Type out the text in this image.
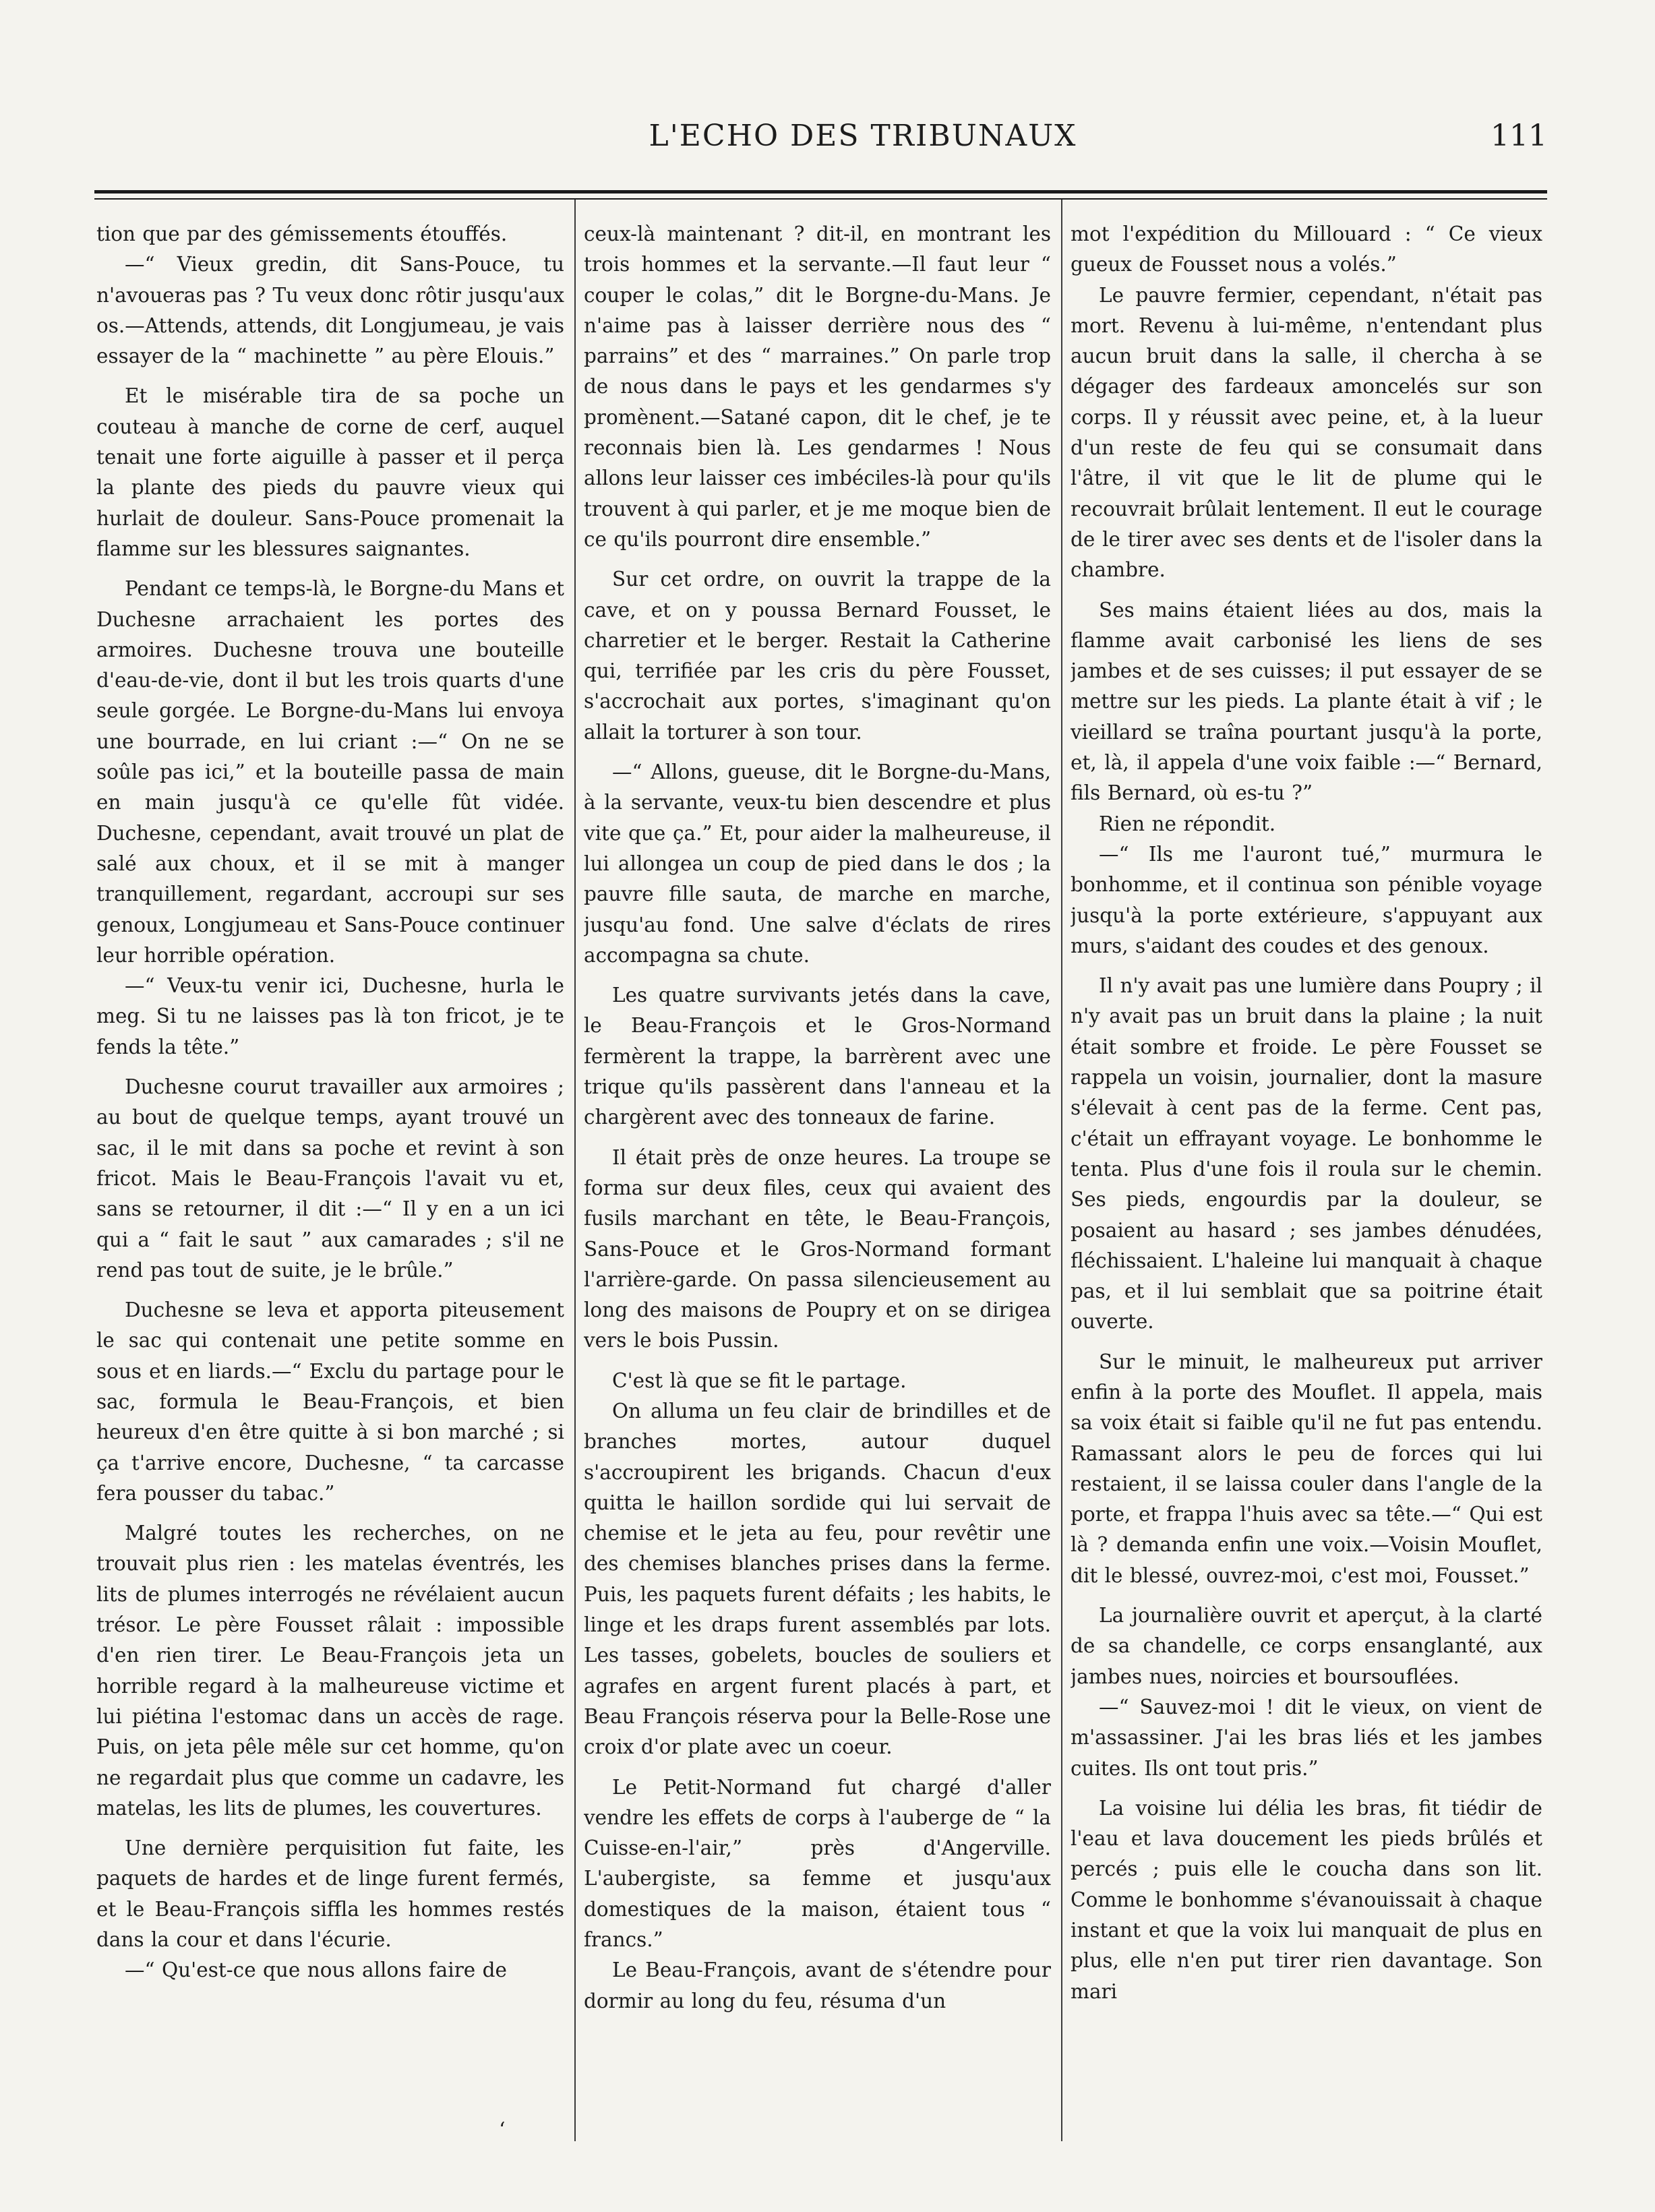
L'ECHO DES TRIBUNAUX	111

tion que par des gémissements étouffés.

—“ Vieux gredin, dit Sans-Pouce, tu n'avoueras pas ? Tu veux donc rôtir jusqu'aux os.—Attends, attends, dit Longjumeau, je vais essayer de la “ machinette ” au père Elouis.”

Et le misérable tira de sa poche un couteau à manche de corne de cerf, auquel tenait une forte aiguille à passer et il perça la plante des pieds du pauvre vieux qui hurlait de douleur. Sans-Pouce promenait la flamme sur les blessures saignantes.

Pendant ce temps-là, le Borgne-du Mans et Duchesne arrachaient les portes des armoires. Duchesne trouva une bouteille d'eau-de-vie, dont il but les trois quarts d'une seule gorgée. Le Borgne-du-Mans lui envoya une bourrade, en lui criant :—“ On ne se soûle pas ici,” et la bouteille passa de main en main jusqu'à ce qu'elle fût vidée. Duchesne, cependant, avait trouvé un plat de salé aux choux, et il se mit à manger tranquillement, regardant, accroupi sur ses genoux, Longjumeau et Sans-Pouce continuer leur horrible opération.

—“ Veux-tu venir ici, Duchesne, hurla le meg. Si tu ne laisses pas là ton fricot, je te fends la tête.”

Duchesne courut travailler aux armoires ; au bout de quelque temps, ayant trouvé un sac, il le mit dans sa poche et revint à son fricot. Mais le Beau-François l'avait vu et, sans se retourner, il dit :—“ Il y en a un ici qui a “ fait le saut ” aux camarades ; s'il ne rend pas tout de suite, je le brûle.”

Duchesne se leva et apporta piteusement le sac qui contenait une petite somme en sous et en liards.—“ Exclu du partage pour le sac, formula le Beau-François, et bien heureux d'en être quitte à si bon marché ; si ça t'arrive encore, Duchesne, “ ta carcasse fera pousser du tabac.”

Malgré toutes les recherches, on ne trouvait plus rien : les matelas éventrés, les lits de plumes interrogés ne révélaient aucun trésor. Le père Fousset râlait : impossible d'en rien tirer. Le Beau-François jeta un horrible regard à la malheureuse victime et lui piétina l'estomac dans un accès de rage. Puis, on jeta pêle mêle sur cet homme, qu'on ne regardait plus que comme un cadavre, les matelas, les lits de plumes, les couvertures.

Une dernière perquisition fut faite, les paquets de hardes et de linge furent fermés, et le Beau-François siffla les hommes restés dans la cour et dans l'écurie.

—“ Qu'est-ce que nous allons faire de

ceux-là maintenant ? dit-il, en montrant les trois hommes et la servante.—Il faut leur “ couper le colas,” dit le Borgne-du-Mans. Je n'aime pas à laisser derrière nous des “ parrains” et des “ marraines.” On parle trop de nous dans le pays et les gendarmes s'y promènent.—Satané capon, dit le chef, je te reconnais bien là. Les gendarmes ! Nous allons leur laisser ces imbéciles-là pour qu'ils trouvent à qui parler, et je me moque bien de ce qu'ils pourront dire ensemble.”

Sur cet ordre, on ouvrit la trappe de la cave, et on y poussa Bernard Fousset, le charretier et le berger. Restait la Catherine qui, terrifiée par les cris du père Fousset, s'accrochait aux portes, s'imaginant qu'on allait la torturer à son tour.

—“ Allons, gueuse, dit le Borgne-du-Mans, à la servante, veux-tu bien descendre et plus vite que ça.” Et, pour aider la malheureuse, il lui allongea un coup de pied dans le dos ; la pauvre fille sauta, de marche en marche, jusqu'au fond. Une salve d'éclats de rires accompagna sa chute.

Les quatre survivants jetés dans la cave, le Beau-François et le Gros-Normand fermèrent la trappe, la barrèrent avec une trique qu'ils passèrent dans l'anneau et la chargèrent avec des tonneaux de farine.

Il était près de onze heures. La troupe se forma sur deux files, ceux qui avaient des fusils marchant en tête, le Beau-François, Sans-Pouce et le Gros-Normand formant l'arrière-garde. On passa silencieusement au long des maisons de Poupry et on se dirigea vers le bois Pussin.

C'est là que se fit le partage.

On alluma un feu clair de brindilles et de branches mortes, autour duquel s'accroupirent les brigands. Chacun d'eux quitta le haillon sordide qui lui servait de chemise et le jeta au feu, pour revêtir une des chemises blanches prises dans la ferme. Puis, les paquets furent défaits ; les habits, le linge et les draps furent assemblés par lots. Les tasses, gobelets, boucles de souliers et agrafes en argent furent placés à part, et Beau François réserva pour la Belle-Rose une croix d'or plate avec un coeur.

Le Petit-Normand fut chargé d'aller vendre les effets de corps à l'auberge de “ la Cuisse-en-l'air,” près d'Angerville. L'aubergiste, sa femme et jusqu'aux domestiques de la maison, étaient tous “ francs.”

Le Beau-François, avant de s'étendre pour dormir au long du feu, résuma d'un

mot l'expédition du Millouard : “ Ce vieux gueux de Fousset nous a volés.”

Le pauvre fermier, cependant, n'était pas mort. Revenu à lui-même, n'entendant plus aucun bruit dans la salle, il chercha à se dégager des fardeaux amoncelés sur son corps. Il y réussit avec peine, et, à la lueur d'un reste de feu qui se consumait dans l'âtre, il vit que le lit de plume qui le recouvrait brûlait lentement. Il eut le courage de le tirer avec ses dents et de l'isoler dans la chambre.

Ses mains étaient liées au dos, mais la flamme avait carbonisé les liens de ses jambes et de ses cuisses; il put essayer de se mettre sur les pieds. La plante était à vif ; le vieillard se traîna pourtant jusqu'à la porte, et, là, il appela d'une voix faible :—“ Bernard, fils Bernard, où es-tu ?”

Rien ne répondit.

—“ Ils me l'auront tué,” murmura le bonhomme, et il continua son pénible voyage jusqu'à la porte extérieure, s'appuyant aux murs, s'aidant des coudes et des genoux.

Il n'y avait pas une lumière dans Poupry ; il n'y avait pas un bruit dans la plaine ; la nuit était sombre et froide. Le père Fousset se rappela un voisin, journalier, dont la masure s'élevait à cent pas de la ferme. Cent pas, c'était un effrayant voyage. Le bonhomme le tenta. Plus d'une fois il roula sur le chemin. Ses pieds, engourdis par la douleur, se posaient au hasard ; ses jambes dénudées, fléchissaient. L'haleine lui manquait à chaque pas, et il lui semblait que sa poitrine était ouverte.

Sur le minuit, le malheureux put arriver enfin à la porte des Mouflet. Il appela, mais sa voix était si faible qu'il ne fut pas entendu. Ramassant alors le peu de forces qui lui restaient, il se laissa couler dans l'angle de la porte, et frappa l'huis avec sa tête.—“ Qui est là ? demanda enfin une voix.—Voisin Mouflet, dit le blessé, ouvrez-moi, c'est moi, Fousset.”

La journalière ouvrit et aperçut, à la clarté de sa chandelle, ce corps ensanglanté, aux jambes nues, noircies et boursouflées.

—“ Sauvez-moi ! dit le vieux, on vient de m'assassiner. J'ai les bras liés et les jambes cuites. Ils ont tout pris.”

La voisine lui délia les bras, fit tiédir de l'eau et lava doucement les pieds brûlés et percés ; puis elle le coucha dans son lit. Comme le bonhomme s'évanouissait à chaque instant et que la voix lui manquait de plus en plus, elle n'en put tirer rien davantage. Son mari

‘
